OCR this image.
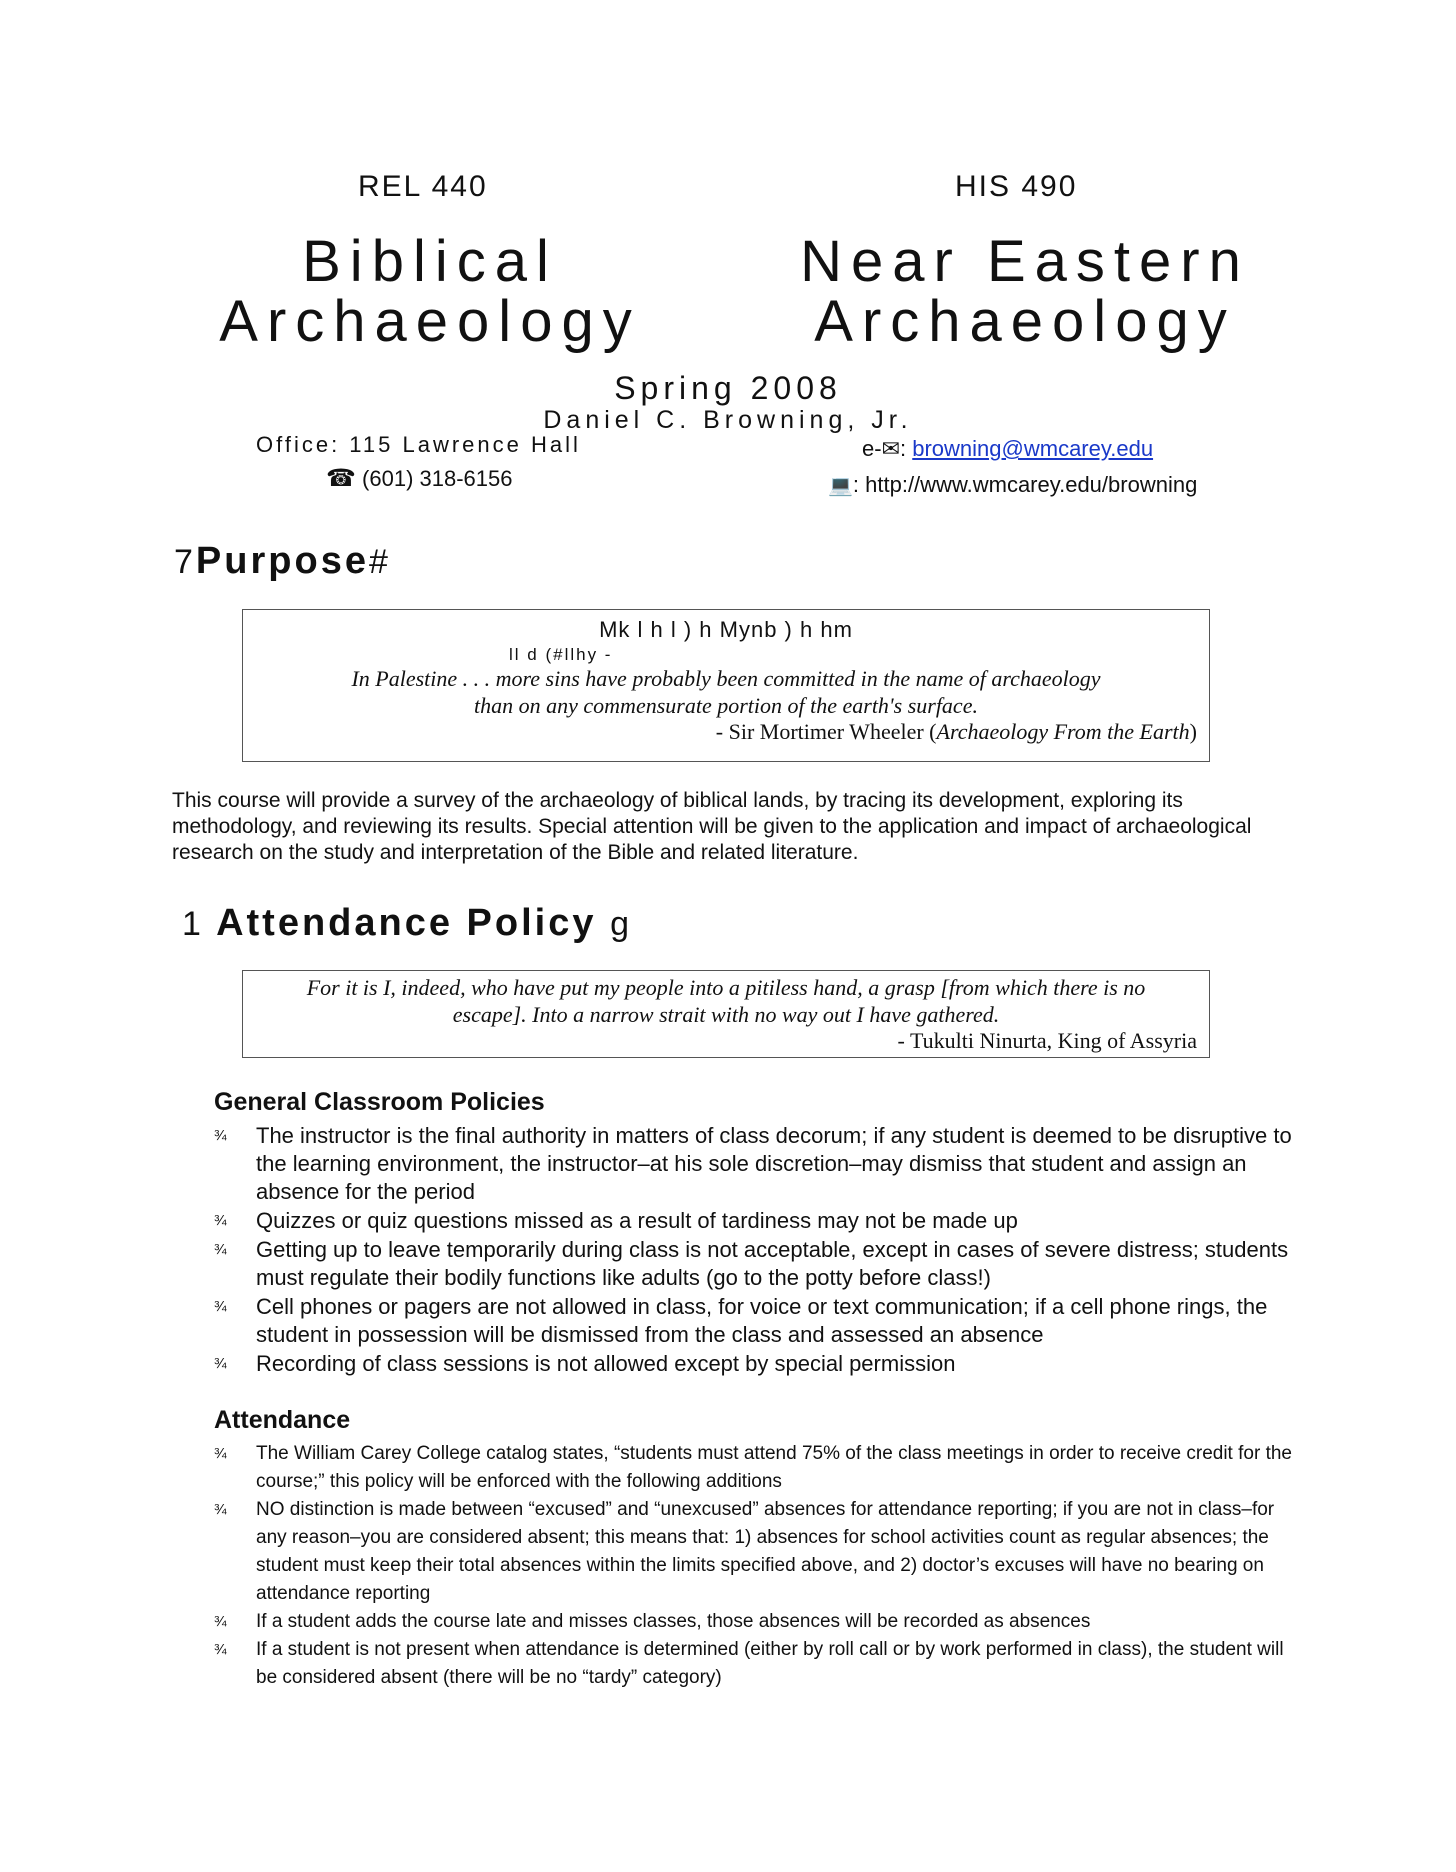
REL 440	HIS 490
Biblical
Archaeology
Near Eastern
Archaeology
Spring 2008
Daniel C. Browning, Jr.
Office: 115 Lawrence Hall
☎ (601) 318-6156
e-✉: browning@wmcarey.edu
💻: http://www.wmcarey.edu/browning
7Purpose#
Mk l h l ) h Mynb ) h hm
ll d (#llhy -
In Palestine . . . more sins have probably been committed in the name of archaeology
than on any commensurate portion of the earth's surface.
- Sir Mortimer Wheeler (Archaeology From the Earth)
This course will provide a survey of the archaeology of biblical lands, by tracing its development, exploring its methodology, and reviewing its results. Special attention will be given to the application and impact of archaeological research on the study and interpretation of the Bible and related literature.
1 Attendance Policy g
For it is I, indeed, who have put my people into a pitiless hand, a grasp [from which there is no
escape]. Into a narrow strait with no way out I have gathered.
- Tukulti Ninurta, King of Assyria
General Classroom Policies
¾ The instructor is the final authority in matters of class decorum; if any student is deemed to be disruptive to the learning environment, the instructor–at his sole discretion–may dismiss that student and assign an absence for the period
¾ Quizzes or quiz questions missed as a result of tardiness may not be made up
¾ Getting up to leave temporarily during class is not acceptable, except in cases of severe distress; students must regulate their bodily functions like adults (go to the potty before class!)
¾ Cell phones or pagers are not allowed in class, for voice or text communication; if a cell phone rings, the student in possession will be dismissed from the class and assessed an absence
¾ Recording of class sessions is not allowed except by special permission
Attendance
¾ The William Carey College catalog states, “students must attend 75% of the class meetings in order to receive credit for the course;” this policy will be enforced with the following additions
¾ NO distinction is made between “excused” and “unexcused” absences for attendance reporting; if you are not in class–for any reason–you are considered absent; this means that: 1) absences for school activities count as regular absences; the student must keep their total absences within the limits specified above, and 2) doctor’s excuses will have no bearing on attendance reporting
¾ If a student adds the course late and misses classes, those absences will be recorded as absences
¾ If a student is not present when attendance is determined (either by roll call or by work performed in class), the student will be considered absent (there will be no “tardy” category)
